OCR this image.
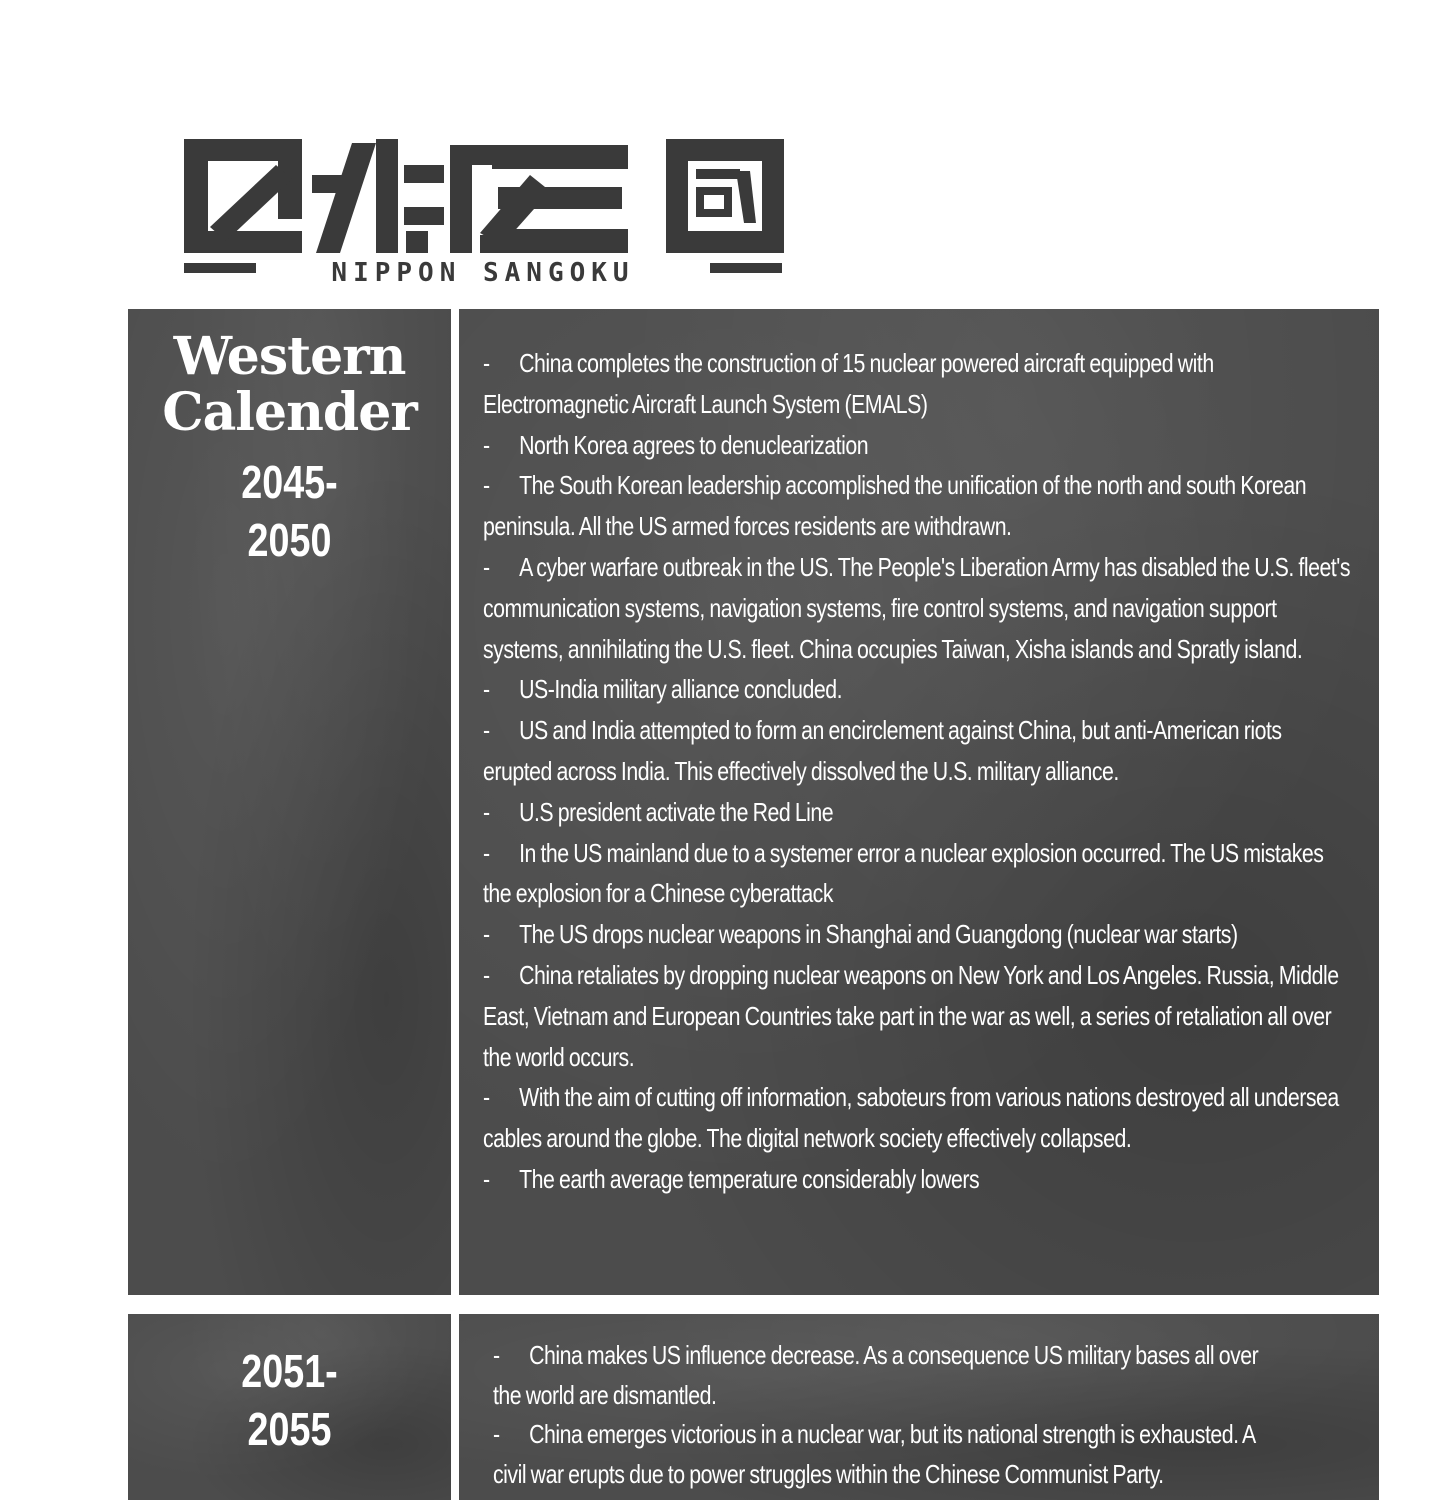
NIPPON SANGOKU
Western
Calender
2045-
2050
- China completes the construction of 15 nuclear powered aircraft equipped with Electromagnetic Aircraft Launch System (EMALS)
- North Korea agrees to denuclearization
- The South Korean leadership accomplished the unification of the north and south Korean peninsula. All the US armed forces residents are withdrawn.
- A cyber warfare outbreak in the US. The People's Liberation Army has disabled the U.S. fleet's communication systems, navigation systems, fire control systems, and navigation support systems, annihilating the U.S. fleet. China occupies Taiwan, Xisha islands and Spratly island.
- US-India military alliance concluded.
- US and India attempted to form an encirclement against China, but anti-American riots erupted across India. This effectively dissolved the U.S. military alliance.
- U.S president activate the Red Line
- In the US mainland due to a systemer error a nuclear explosion occurred. The US mistakes the explosion for a Chinese cyberattack
- The US drops nuclear weapons in Shanghai and Guangdong (nuclear war starts)
- China retaliates by dropping nuclear weapons on New York and Los Angeles. Russia, Middle East, Vietnam and European Countries take part in the war as well, a series of retaliation all over the world occurs.
- With the aim of cutting off information, saboteurs from various nations destroyed all undersea cables around the globe. The digital network society effectively collapsed.
- The earth average temperature considerably lowers
2051-
2055
- China makes US influence decrease. As a consequence US military bases all over the world are dismantled.
- China emerges victorious in a nuclear war, but its national strength is exhausted. A civil war erupts due to power struggles within the Chinese Communist Party.
